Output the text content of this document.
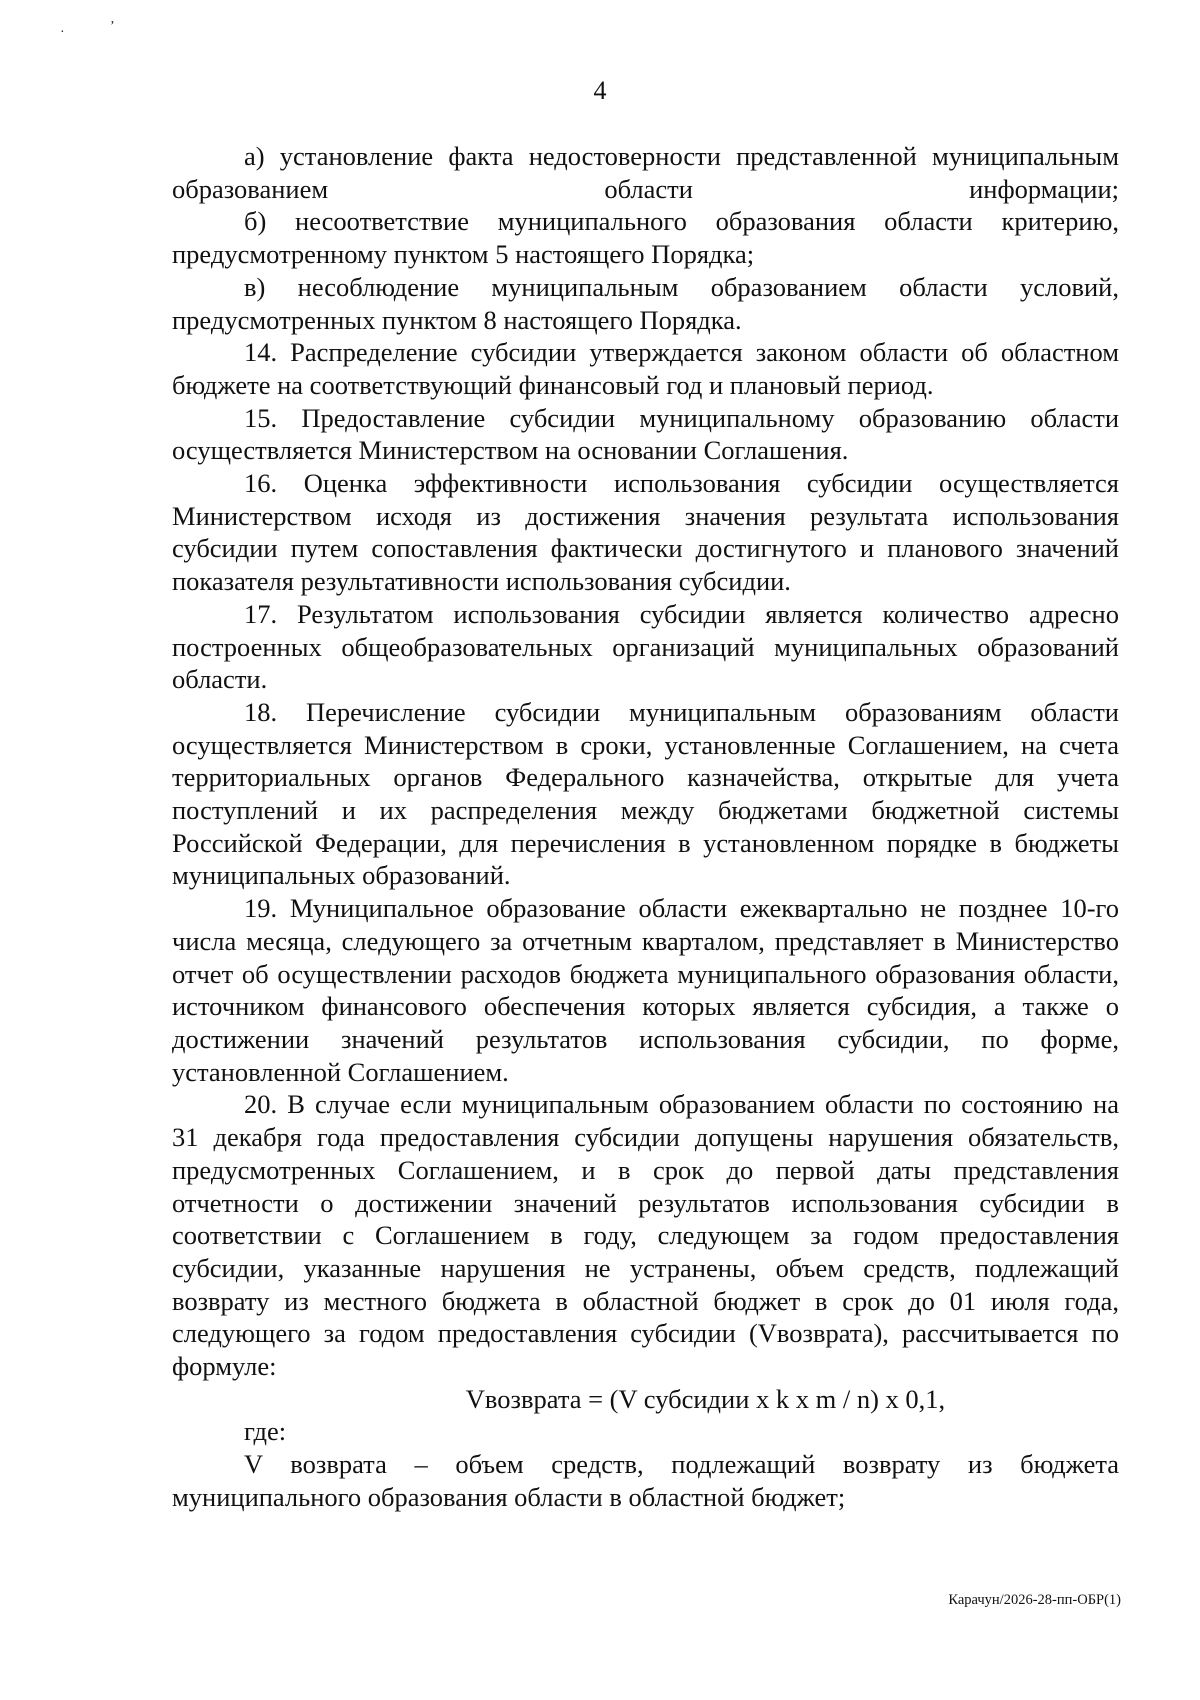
·	’
4

а) установление факта недостоверности представленной муниципальным образованием области информации;

б) несоответствие муниципального образования области критерию, предусмотренному пунктом 5 настоящего Порядка;

в) несоблюдение муниципальным образованием области условий, предусмотренных пунктом 8 настоящего Порядка.

14. Распределение субсидии утверждается законом области об областном бюджете на соответствующий финансовый год и плановый период.

15. Предоставление субсидии муниципальному образованию области осуществляется Министерством на основании Соглашения.

16. Оценка эффективности использования субсидии осуществляется Министерством исходя из достижения значения результата использования субсидии путем сопоставления фактически достигнутого и планового значений показателя результативности использования субсидии.

17. Результатом использования субсидии является количество адресно построенных общеобразовательных организаций муниципальных образований области.

18. Перечисление субсидии муниципальным образованиям области осуществляется Министерством в сроки, установленные Соглашением, на счета территориальных органов Федерального казначейства, открытые для учета поступлений и их распределения между бюджетами бюджетной системы Российской Федерации, для перечисления в установленном порядке в бюджеты муниципальных образований.

19. Муниципальное образование области ежеквартально не позднее 10-го числа месяца, следующего за отчетным кварталом, представляет в Министерство отчет об осуществлении расходов бюджета муниципального образования области, источником финансового обеспечения которых является субсидия, а также о достижении значений результатов использования субсидии, по форме, установленной Соглашением.

20. В случае если муниципальным образованием области по состоянию на 31 декабря года предоставления субсидии допущены нарушения обязательств, предусмотренных Соглашением, и в срок до первой даты представления отчетности о достижении значений результатов использования субсидии в соответствии с Соглашением в году, следующем за годом предоставления субсидии, указанные нарушения не устранены, объем средств, подлежащий возврату из местного бюджета в областной бюджет в срок до 01 июля года, следующего за годом предоставления субсидии (Vвозврата), рассчитывается по формуле:

Vвозврата = (V субсидии x k x m / n) x 0,1,

где:

V возврата – объем средств, подлежащий возврату из бюджета муниципального образования области в областной бюджет;

Карачун/2026-28-пп-ОБР(1)
